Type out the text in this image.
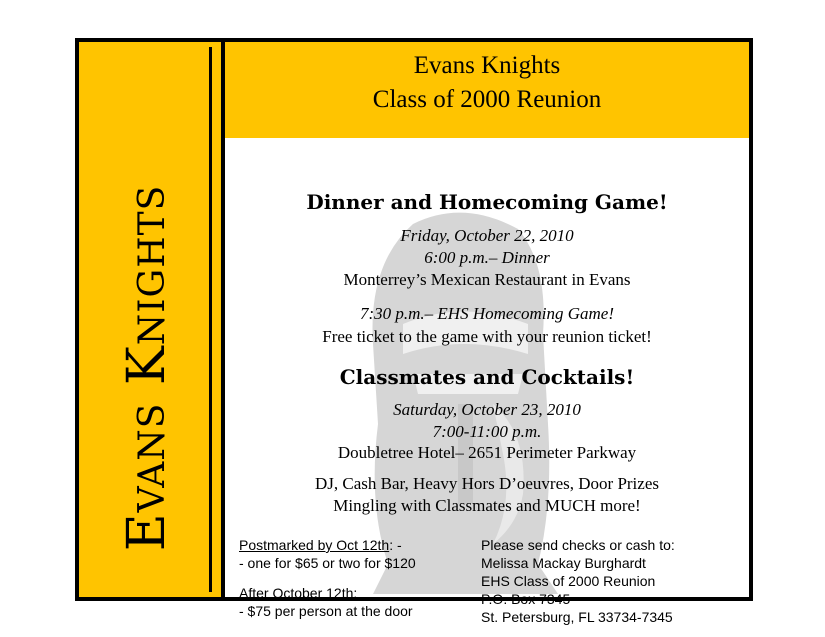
Evans Knights
Evans Knights
Class of 2000 Reunion
Dinner and Homecoming Game!
Friday, October 22, 2010
6:00 p.m.– Dinner
Monterrey’s Mexican Restaurant in Evans
7:30 p.m.– EHS Homecoming Game!
Free ticket to the game with your reunion ticket!
Classmates and Cocktails!
Saturday, October 23, 2010
7:00-11:00 p.m.
Doubletree Hotel– 2651 Perimeter Parkway
DJ, Cash Bar, Heavy Hors D’oeuvres, Door Prizes
Mingling with Classmates and MUCH more!
Postmarked by Oct 12th: -
- one for $65 or two for $120
After October 12th:
- $75 per person at the door
Please send checks or cash to:
Melissa Mackay Burghardt
EHS Class of 2000 Reunion
P.O. Box 7345
St. Petersburg, FL 33734-7345
